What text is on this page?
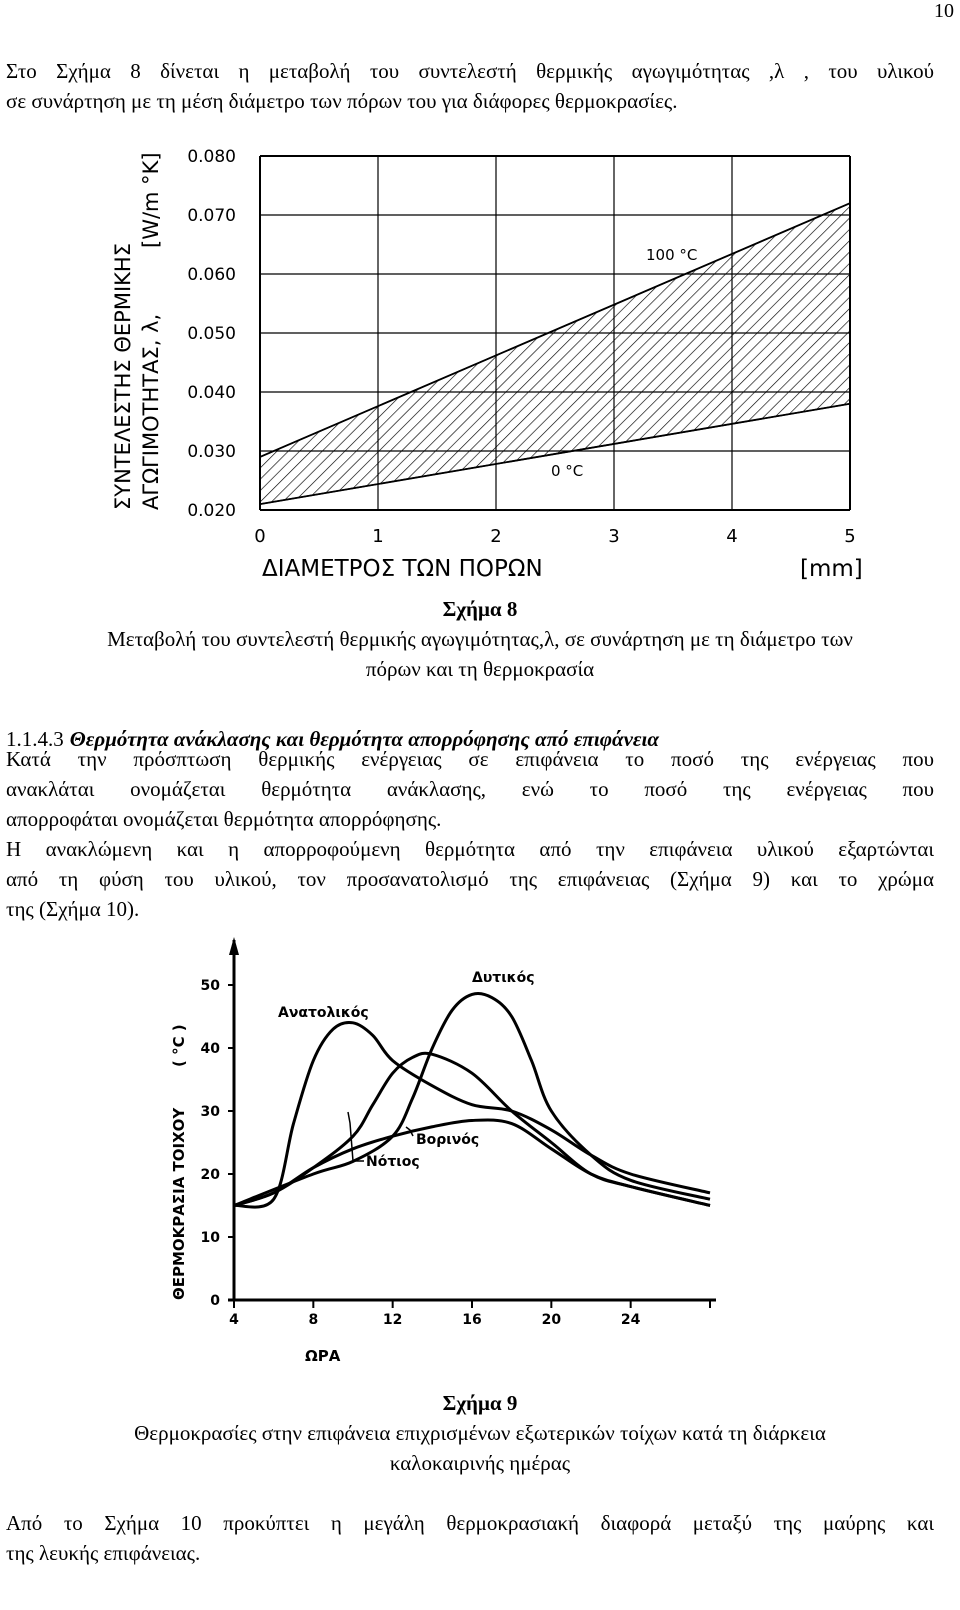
10

Στο Σχήμα 8 δίνεται η μεταβολή του συντελεστή θερμικής αγωγιμότητας ,λ , του υλικού

σε συνάρτηση με τη μέση διάμετρο των πόρων του για διάφορες θερμοκρασίες.

0.020
0.030
0.040
0.050
0.060
0.070
0.080
0	1	2	3	4	5
100 °C
0 °C
ΣΥΝΤΕΛΕΣΤΗΣ ΘΕΡΜΙΚΗΣ ΑΓΩΓΙΜΟΤΗΤΑΣ, λ,
[W/m °K]
ΔΙΑΜΕΤΡΟΣ ΤΩΝ ΠΟΡΩΝ	[mm]
Σχήμα 8
Μεταβολή του συντελεστή θερμικής αγωγιμότητας,λ, σε συνάρτηση με τη διάμετρο των
πόρων και τη θερμοκρασία
1.1.4.3 Θερμότητα ανάκλασης και θερμότητα απορρόφησης από επιφάνεια

Κατά την πρόσπτωση θερμικής ενέργειας σε επιφάνεια το ποσό της ενέργειας που

ανακλάται ονομάζεται θερμότητα ανάκλασης, ενώ το ποσό της ενέργειας που

απορροφάται ονομάζεται θερμότητα απορρόφησης.

Η ανακλώμενη και η απορροφούμενη θερμότητα από την επιφάνεια υλικού εξαρτώνται

από τη φύση του υλικού, τον προσανατολισμό της επιφάνειας (Σχήμα 9) και το χρώμα

της (Σχήμα 10).

0
10
20
30
40
50
4	8	12	16	20	24
Ανατολικός
Δυτικός
Βορινός
Νότιος
ΘΕΡΜΟΚΡΑΣΙΑ ΤΟΙΧΟΥ
( °C )
ΩΡΑ
Σχήμα 9
Θερμοκρασίες στην επιφάνεια επιχρισμένων εξωτερικών τοίχων κατά τη διάρκεια
καλοκαιρινής ημέρας

Από το Σχήμα 10 προκύπτει η μεγάλη θερμοκρασιακή διαφορά μεταξύ της μαύρης και

της λευκής επιφάνειας.
